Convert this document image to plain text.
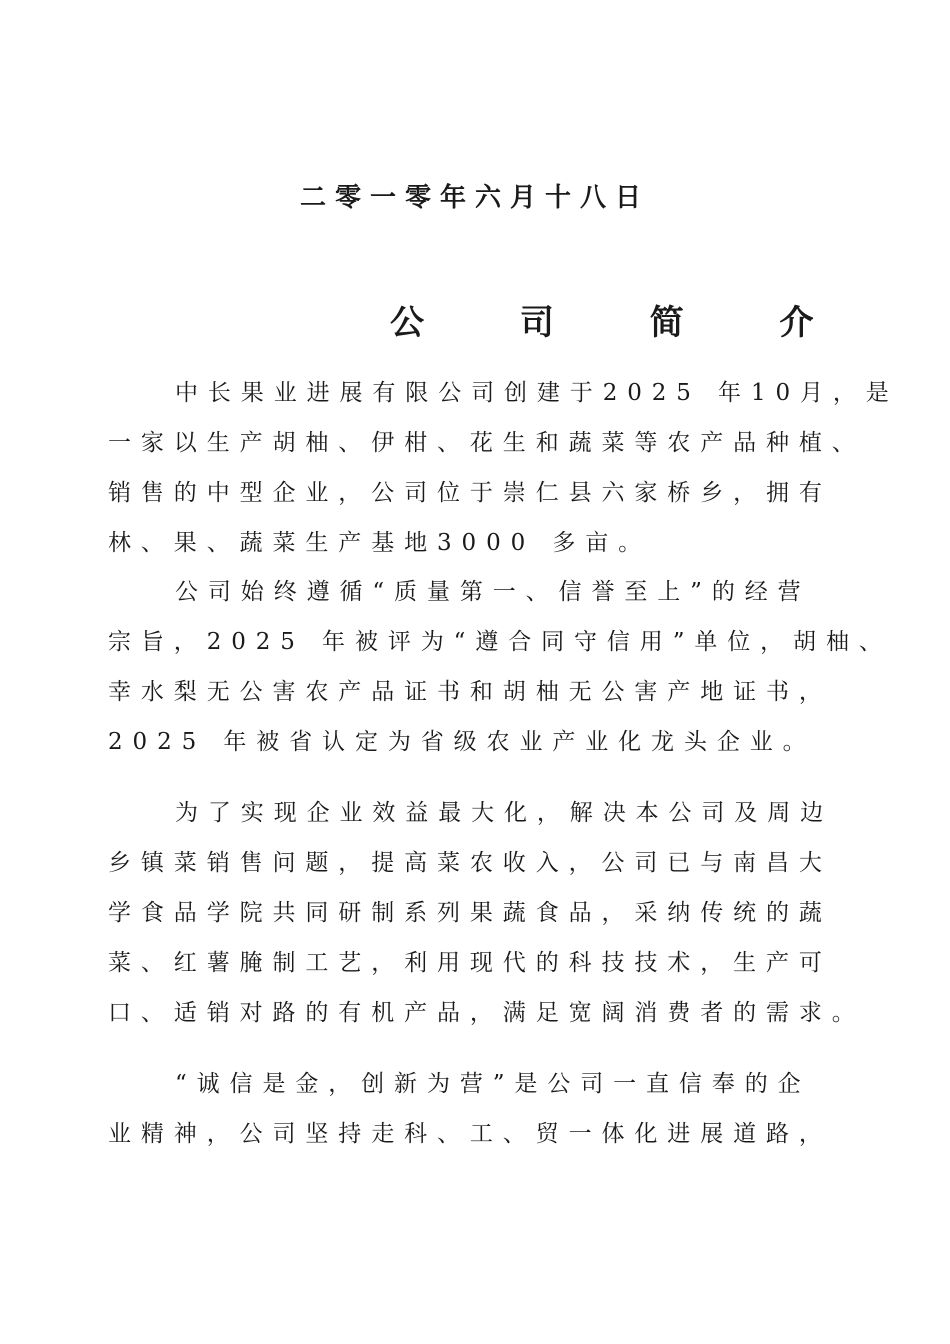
二零一零年六月十八日
公	司	简	介
中长果业进展有限公司创建于2025 年10月，是
一家以生产胡柚、伊柑、花生和蔬菜等农产品种植、
销售的中型企业，公司位于崇仁县六家桥乡，拥有
林、果、蔬菜生产基地3000 多亩。
公司始终遵循“质量第一、信誉至上”的经营
宗旨，2025 年被评为“遵合同守信用”单位，胡柚、
幸水梨无公害农产品证书和胡柚无公害产地证书，
2025 年被省认定为省级农业产业化龙头企业。
为了实现企业效益最大化，解决本公司及周边
乡镇菜销售问题，提高菜农收入，公司已与南昌大
学食品学院共同研制系列果蔬食品，采纳传统的蔬
菜、红薯腌制工艺，利用现代的科技技术，生产可
口、适销对路的有机产品，满足宽阔消费者的需求。
“诚信是金，创新为营”是公司一直信奉的企
业精神，公司坚持走科、工、贸一体化进展道路，
